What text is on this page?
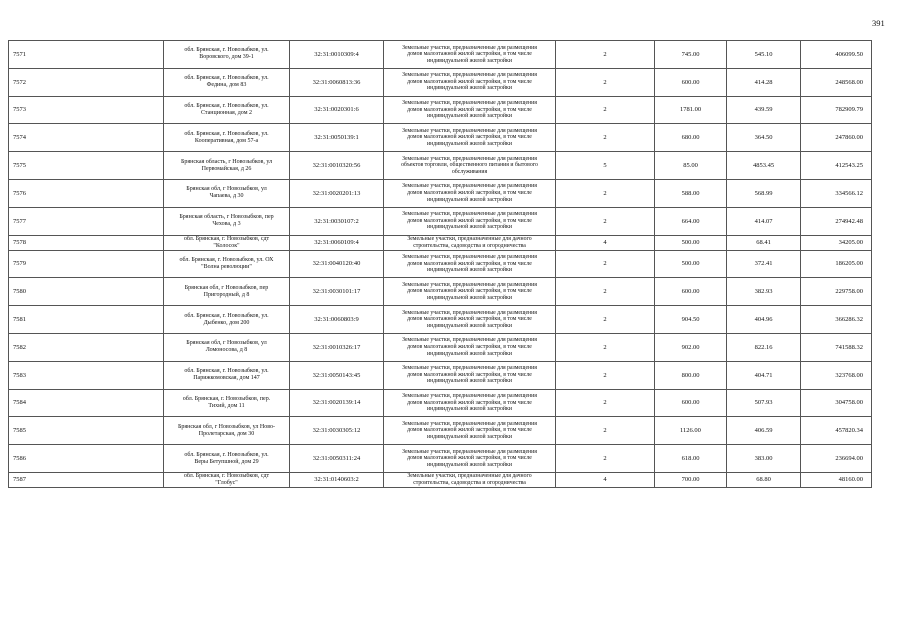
391
7571	обл. Брянская, г. Новозыбков, ул.
Воровского, дом 39-1	32:31:0010309:4	Земельные участки, предназначенные для размещения
домов малоэтажной жилой застройки, в том числе
индивидуальной жилой застройки	2	745.00	545.10	406099.50
7572	обл. Брянская, г. Новозыбков, ул.
Федина, дом 83	32:31:0060813:36	Земельные участки, предназначенные для размещения
домов малоэтажной жилой застройки, в том числе
индивидуальной жилой застройки	2	600.00	414.28	248568.00
7573	обл. Брянская, г. Новозыбков, ул.
Станционная, дом 2	32:31:0020301:6	Земельные участки, предназначенные для размещения
домов малоэтажной жилой застройки, в том числе
индивидуальной жилой застройки	2	1781.00	439.59	782909.79
7574	обл. Брянская, г. Новозыбков, ул.
Кооперативная, дом 57-а	32:31:0050139:1	Земельные участки, предназначенные для размещения
домов малоэтажной жилой застройки, в том числе
индивидуальной жилой застройки	2	680.00	364.50	247860.00
7575	Брянская область, г Новозыбков, ул
Первомайская, д 26	32:31:0010320:56	Земельные участки, предназначенные для размещения
объектов торговли, общественного питания и бытового
обслуживания	5	85.00	4853.45	412543.25
7576	Брянская обл, г Новозыбков, ул
Чапаева, д 30	32:31:0020201:13	Земельные участки, предназначенные для размещения
домов малоэтажной жилой застройки, в том числе
индивидуальной жилой застройки	2	588.00	568.99	334566.12
7577	Брянская область, г Новозыбков, пер
Чехова, д 3	32:31:0030107:2	Земельные участки, предназначенные для размещения
домов малоэтажной жилой застройки, в том числе
индивидуальной жилой застройки	2	664.00	414.07	274942.48
7578	обл. Брянская, г. Новозыбков, сдт
"Колосок"	32:31:0060109:4	Земельные участки, предназначенные для дачного
строительства, садоводства и огородничества	4	500.00	68.41	34205.00
7579	обл. Брянская, г. Новозыбков, ул. ОХ
"Волна революции"	32:31:0040120:40	Земельные участки, предназначенные для размещения
домов малоэтажной жилой застройки, в том числе
индивидуальной жилой застройки	2	500.00	372.41	186205.00
7580	Брянская обл, г Новозыбков, пер
Пригородный, д 8	32:31:0030101:17	Земельные участки, предназначенные для размещения
домов малоэтажной жилой застройки, в том числе
индивидуальной жилой застройки	2	600.00	382.93	229758.00
7581	обл. Брянская, г. Новозыбков, ул.
Дыбенко, дом 200	32:31:0060803:9	Земельные участки, предназначенные для размещения
домов малоэтажной жилой застройки, в том числе
индивидуальной жилой застройки	2	904.50	404.96	366286.32
7582	Брянская обл, г Новозыбков, ул
Ломоносова, д 8	32:31:0010326:17	Земельные участки, предназначенные для размещения
домов малоэтажной жилой застройки, в том числе
индивидуальной жилой застройки	2	902.00	822.16	741588.32
7583	обл. Брянская, г. Новозыбков, ул.
Парижкомовская, дом 147	32:31:0050143:45	Земельные участки, предназначенные для размещения
домов малоэтажной жилой застройки, в том числе
индивидуальной жилой застройки	2	800.00	404.71	323768.00
7584	обл. Брянская, г. Новозыбков, пер.
Тихий, дом 11	32:31:0020139:14	Земельные участки, предназначенные для размещения
домов малоэтажной жилой застройки, в том числе
индивидуальной жилой застройки	2	600.00	507.93	304758.00
7585	Брянская обл, г Новозыбков, ул Ново-
Пролетарская, дом 30	32:31:0030305:12	Земельные участки, предназначенные для размещения
домов малоэтажной жилой застройки, в том числе
индивидуальной жилой застройки	2	1126.00	406.59	457820.34
7586	обл. Брянская, г. Новозыбков, ул.
Веры Бетупшной, дом 29	32:31:0050311:24	Земельные участки, предназначенные для размещения
домов малоэтажной жилой застройки, в том числе
индивидуальной жилой застройки	2	618.00	383.00	236694.00
7587	обл. Брянская, г. Новозыбков, сдт
"Глобус"	32:31:0140603:2	Земельные участки, предназначенные для дачного
строительства, садоводства и огородничества	4	700.00	68.80	48160.00
